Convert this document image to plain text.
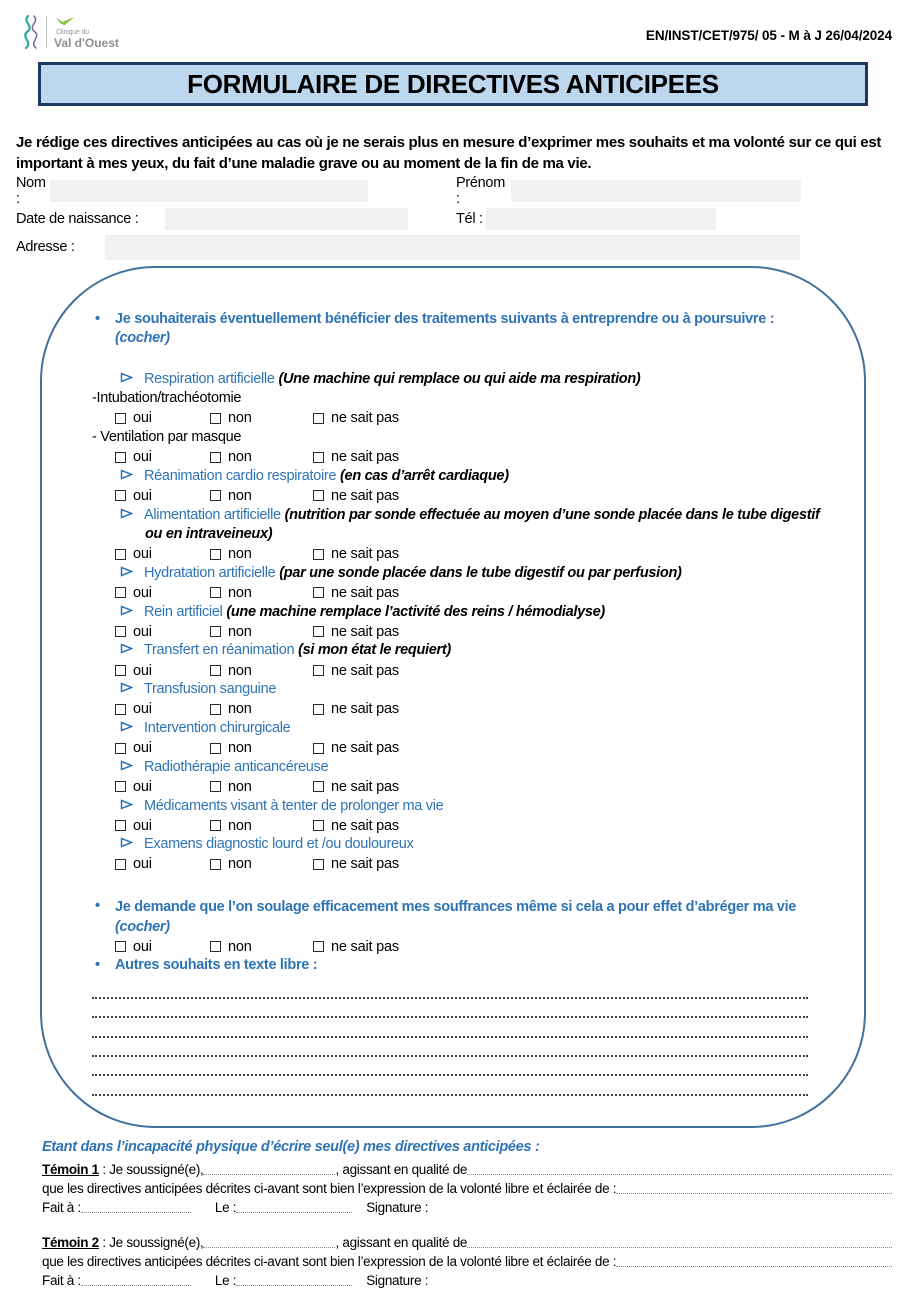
Clinique du
Val d'Ouest	EN/INST/CET/975/ 05 - M à J 26/04/2024
FORMULAIRE DE DIRECTIVES ANTICIPEES
Je rédige ces directives anticipées au cas où je ne serais plus en mesure d’exprimer mes souhaits et ma volonté sur ce qui est important à mes yeux, du fait d’une maladie grave ou au moment de la fin de ma vie.
Nom :
Prénom :
Date de naissance :	Tél :
Adresse :
•	Je souhaiterais éventuellement bénéficier des traitements suivants à entreprendre ou à poursuivre : (cocher)
Respiration artificielle (Une machine qui remplace ou qui aide ma respiration)
-Intubation/trachéotomie
oui	non	ne sait pas
- Ventilation par masque
oui	non	ne sait pas
Réanimation cardio respiratoire (en cas d’arrêt cardiaque)
oui	non	ne sait pas
Alimentation artificielle (nutrition par sonde effectuée au moyen d’une sonde placée dans le tube digestif ou en intraveineux)
oui	non	ne sait pas
Hydratation artificielle (par une sonde placée dans le tube digestif ou par perfusion)
oui	non	ne sait pas
Rein artificiel (une machine remplace l’activité des reins / hémodialyse)
oui	non	ne sait pas
Transfert en réanimation (si mon état le requiert)
oui	non	ne sait pas
Transfusion sanguine
oui	non	ne sait pas
Intervention chirurgicale
oui	non	ne sait pas
Radiothérapie anticancéreuse
oui	non	ne sait pas
Médicaments visant à tenter de prolonger ma vie
oui	non	ne sait pas
Examens diagnostic lourd et /ou douloureux
oui	non	ne sait pas
•	Je demande que l’on soulage efficacement mes souffrances même si cela a pour effet d’abréger ma vie
(cocher)
oui	non	ne sait pas
•	Autres souhaits en texte libre :
Etant dans l’incapacité physique d’écrire seul(e) mes directives anticipées :
Témoin 1 : Je soussigné(e),	, agissant en qualité de
que les directives anticipées décrites ci-avant sont bien l’expression de la volonté libre et éclairée de :
Fait à :	Le :	Signature :
Témoin 2 : Je soussigné(e),	, agissant en qualité de
que les directives anticipées décrites ci-avant sont bien l’expression de la volonté libre et éclairée de :
Fait à :	Le :	Signature :
